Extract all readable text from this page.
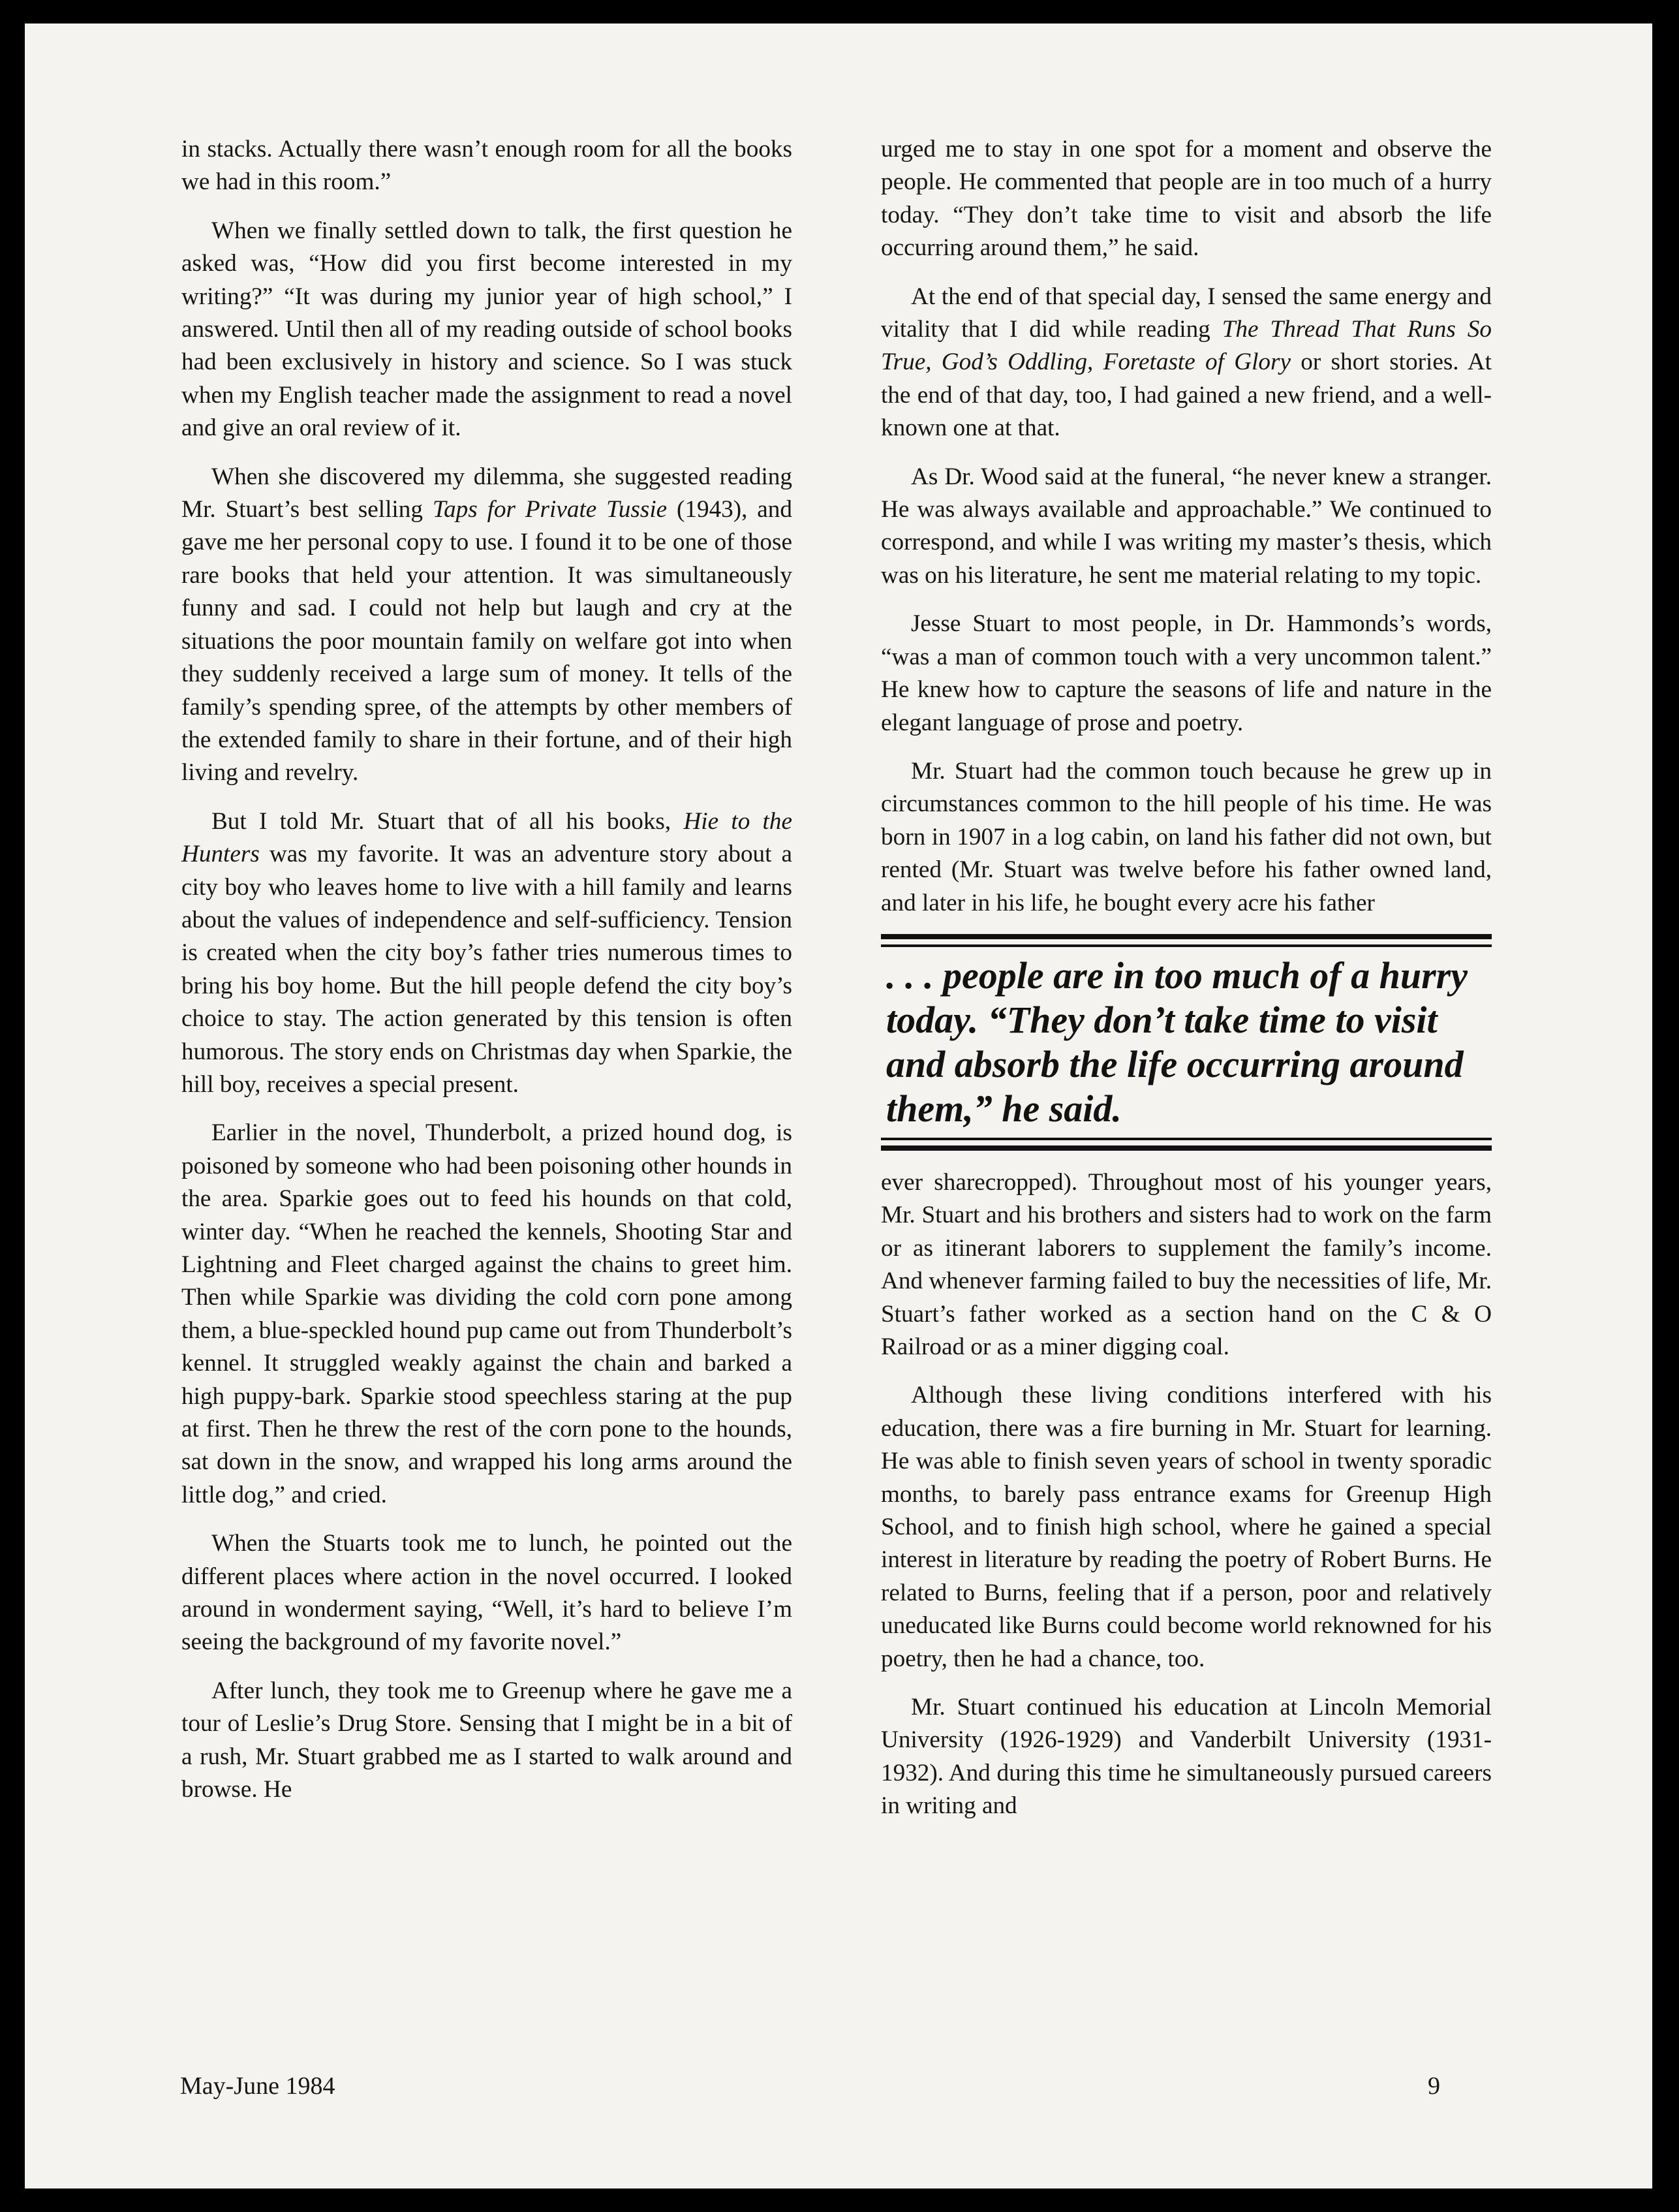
in stacks. Actually there wasn’t enough room for all the books we had in this room.”

When we finally settled down to talk, the first question he asked was, “How did you first become interested in my writing?” “It was during my junior year of high school,” I answered. Until then all of my reading outside of school books had been exclusively in history and science. So I was stuck when my English teacher made the assignment to read a novel and give an oral review of it.

When she discovered my dilemma, she suggested reading Mr. Stuart’s best selling Taps for Private Tussie (1943), and gave me her personal copy to use. I found it to be one of those rare books that held your attention. It was simultaneously funny and sad. I could not help but laugh and cry at the situations the poor mountain family on welfare got into when they suddenly received a large sum of money. It tells of the family’s spending spree, of the attempts by other members of the extended family to share in their fortune, and of their high living and revelry.

But I told Mr. Stuart that of all his books, Hie to the Hunters was my favorite. It was an adventure story about a city boy who leaves home to live with a hill family and learns about the values of independence and self-sufficiency. Tension is created when the city boy’s father tries numerous times to bring his boy home. But the hill people defend the city boy’s choice to stay. The action generated by this tension is often humorous. The story ends on Christmas day when Sparkie, the hill boy, receives a special present.

Earlier in the novel, Thunderbolt, a prized hound dog, is poisoned by someone who had been poisoning other hounds in the area. Sparkie goes out to feed his hounds on that cold, winter day. “When he reached the kennels, Shooting Star and Lightning and Fleet charged against the chains to greet him. Then while Sparkie was dividing the cold corn pone among them, a blue-speckled hound pup came out from Thunderbolt’s kennel. It struggled weakly against the chain and barked a high puppy-bark. Sparkie stood speechless staring at the pup at first. Then he threw the rest of the corn pone to the hounds, sat down in the snow, and wrapped his long arms around the little dog,” and cried.

When the Stuarts took me to lunch, he pointed out the different places where action in the novel occurred. I looked around in wonderment saying, “Well, it’s hard to believe I’m seeing the background of my favorite novel.”

After lunch, they took me to Greenup where he gave me a tour of Leslie’s Drug Store. Sensing that I might be in a bit of a rush, Mr. Stuart grabbed me as I started to walk around and browse. He

urged me to stay in one spot for a moment and observe the people. He commented that people are in too much of a hurry today. “They don’t take time to visit and absorb the life occurring around them,” he said.

At the end of that special day, I sensed the same energy and vitality that I did while reading The Thread That Runs So True, God’s Oddling, Foretaste of Glory or short stories. At the end of that day, too, I had gained a new friend, and a well-known one at that.

As Dr. Wood said at the funeral, “he never knew a stranger. He was always available and approachable.” We continued to correspond, and while I was writing my master’s thesis, which was on his literature, he sent me material relating to my topic.

Jesse Stuart to most people, in Dr. Hammonds’s words, “was a man of common touch with a very uncommon talent.” He knew how to capture the seasons of life and nature in the elegant language of prose and poetry.

Mr. Stuart had the common touch because he grew up in circumstances common to the hill people of his time. He was born in 1907 in a log cabin, on land his father did not own, but rented (Mr. Stuart was twelve before his father owned land, and later in his life, he bought every acre his father

. . . people are in too much of a hurry today. “They don’t take time to visit and absorb the life occurring around them,” he said.

ever sharecropped). Throughout most of his younger years, Mr. Stuart and his brothers and sisters had to work on the farm or as itinerant laborers to supplement the family’s income. And whenever farming failed to buy the necessities of life, Mr. Stuart’s father worked as a section hand on the C & O Railroad or as a miner digging coal.

Although these living conditions interfered with his education, there was a fire burning in Mr. Stuart for learning. He was able to finish seven years of school in twenty sporadic months, to barely pass entrance exams for Greenup High School, and to finish high school, where he gained a special interest in literature by reading the poetry of Robert Burns. He related to Burns, feeling that if a person, poor and relatively uneducated like Burns could become world reknowned for his poetry, then he had a chance, too.

Mr. Stuart continued his education at Lincoln Memorial University (1926-1929) and Vanderbilt University (1931-1932). And during this time he simultaneously pursued careers in writing and

May-June 1984	9
